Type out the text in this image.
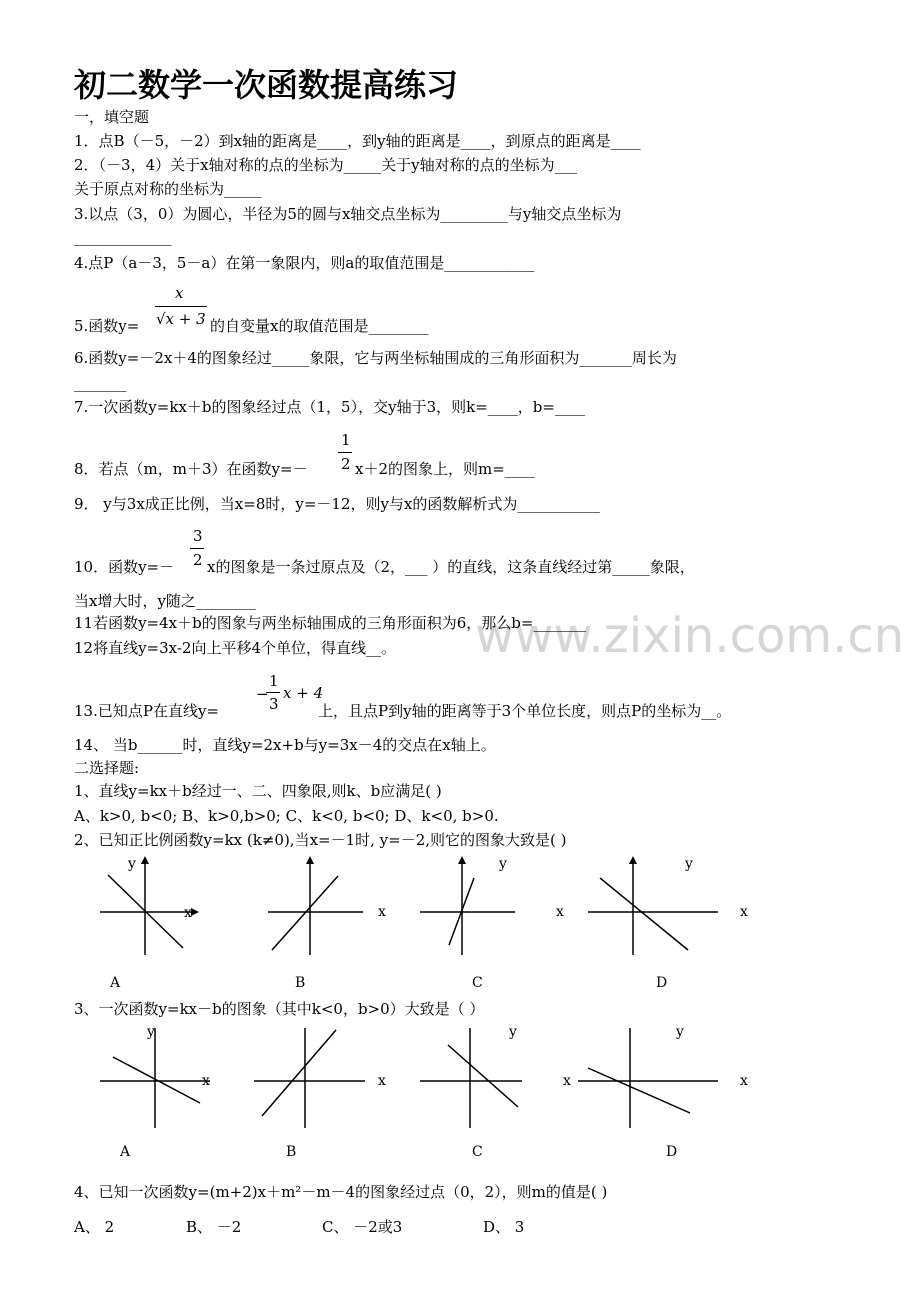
初二数学一次函数提高练习
www.zixin.com.cn
一，填空题
1．点B（－5，－2）到x轴的距离是____，到y轴的距离是____，到原点的距离是____
2．（－3，4）关于x轴对称的点的坐标为_____关于y轴对称的点的坐标为___
关于原点对称的坐标为_____
3.以点（3，0）为圆心，半径为5的圆与x轴交点坐标为_________与y轴交点坐标为
_____________
4.点P（a－3，5－a）在第一象限内，则a的取值范围是____________
5.函数y=
x
√x + 3 的自变量x的取值范围是________
6.函数y=－2x＋4的图象经过_____象限，它与两坐标轴围成的三角形面积为_______周长为
_______
7.一次函数y=kx＋b的图象经过点（1，5），交y轴于3，则k=____，b=____
8．若点（m，m＋3）在函数y=－
1
2 x＋2的图象上，则m=____
9． y与3x成正比例，当x=8时，y=－12，则y与x的函数解析式为___________
10．函数y=－
3
2 x的图象是一条过原点及（2，___ ）的直线，这条直线经过第_____象限，
当x增大时，y随之________
11若函数y=4x＋b的图象与两坐标轴围成的三角形面积为6，那么b=_______
12将直线y=3x-2向上平移4个单位，得直线__。
13.已知点P在直线y=
−
1
3
x + 4
上，且点P到y轴的距离等于3个单位长度，则点P的坐标为__。
14、 当b______时，直线y=2x+b与y=3x－4的交点在x轴上。
二选择题:
1、直线y=kx＋b经过一、二、四象限,则k、b应满足( )
A、k>0, b<0; B、k>0,b>0; C、k<0, b<0; D、k<0, b>0.
2、已知正比例函数y=kx (k≠0),当x=－1时, y=－2,则它的图象大致是( )
y
x	x	x
y	y
x
A	B	C	D
3、一次函数y=kx－b的图象（其中k<0，b>0）大致是（ ）
y
x	x
y
x
y
x
A	B	C	D
4、已知一次函数y=(m+2)x＋m²－m－4的图象经过点（0，2），则m的值是( )
A、 2	B、 －2	C、 －2或3	D、 3
